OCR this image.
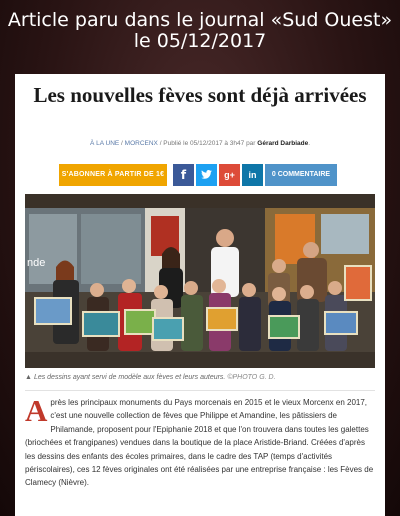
Article paru dans le journal «Sud Ouest»
le 05/12/2017
Les nouvelles fèves sont déjà arrivées
À LA UNE / MORCENX / Publié le 05/12/2017 à 3h47 par Gérard Darbiade.
S'ABONNER À PARTIR DE 1€	f	g+	in	0 COMMENTAIRE
nde
▲ Les dessins ayant servi de modèle aux fèves et leurs auteurs. ©PHOTO G. D.
Après les principaux monuments du Pays morcenais en 2015 et le vieux Morcenx en 2017, c'est une nouvelle collection de fèves que Philippe et Amandine, les pâtissiers de Philamande, proposent pour l'Epiphanie 2018 et que l'on trouvera dans toutes les galettes (briochées et frangipanes) vendues dans la boutique de la place Aristide-Briand. Créées d'après les dessins des enfants des écoles primaires, dans le cadre des TAP (temps d'activités périscolaires), ces 12 fèves originales ont été réalisées par une entreprise française : les Fèves de Clamecy (Nièvre).
